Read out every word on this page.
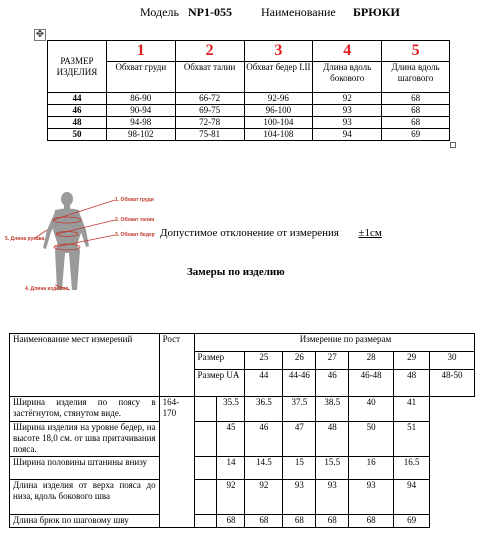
Модель NP1-055 Наименование БРЮКИ
✥
РАЗМЕР ИЗДЕЛИЯ	1	2	3	4	5
	Обхват груди	Обхват талии	Обхват бедер I.II	Длина вдоль бокового	Длина вдоль шагового
44	86-90	66-72	92-96	92	68
46	90-94	69-75	96-100	93	68
48	94-98	72-78	100-104	93	68
50	98-102	75-81	104-108	94	69
1. Обхват груди
2. Обхват талии
3. Обхват бедер
4. Длина изделия
5. Длина рукава	Допустимое отклонение от измерения ±1см
Замеры по изделию
Наименование мест измерений	Рост		Измерение по размерам						
		Размер		25	26	27	28	29	30
		Размер UA		44	44-46	46	46-48	48	48-50
Ширина изделия по поясу в застёгнутом, стянутом виде.	164-170		35.5	36.5	37.5	38.5	40	41	
Ширина изделия на уровне бедер, на высоте 18,0 см. от шва притачивания пояса.			45	46	47	48	50	51	
Ширина половины штанины внизу			14	14.5	15	15.5	16	16.5	
Длина изделия от верха пояса до низа, вдоль бокового шва			92	92	93	93	93	94	
Длина брюк по шаговому шву			68	68	68	68	68	69	
